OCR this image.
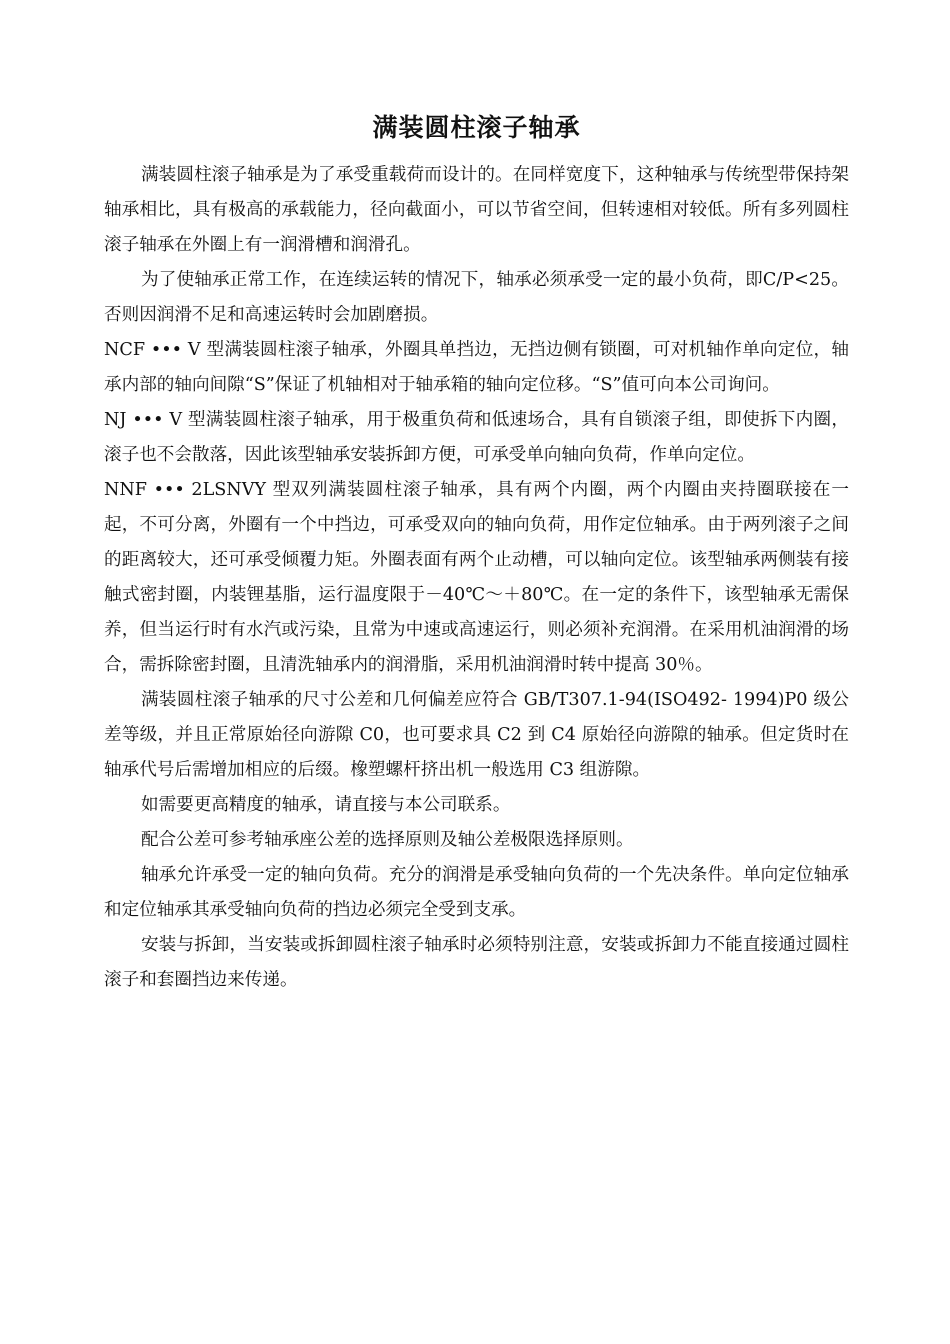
满装圆柱滚子轴承

满装圆柱滚子轴承是为了承受重载荷而设计的。在同样宽度下，这种轴承与传统型带保持架轴承相比，具有极高的承载能力，径向截面小，可以节省空间，但转速相对较低。所有多列圆柱滚子轴承在外圈上有一润滑槽和润滑孔。

为了使轴承正常工作，在连续运转的情况下，轴承必须承受一定的最小负荷，即C/P<25。否则因润滑不足和高速运转时会加剧磨损。

NCF ••• V 型满装圆柱滚子轴承，外圈具单挡边，无挡边侧有锁圈，可对机轴作单向定位，轴承内部的轴向间隙“S”保证了机轴相对于轴承箱的轴向定位移。“S”值可向本公司询问。

NJ ••• V 型满装圆柱滚子轴承，用于极重负荷和低速场合，具有自锁滚子组，即使拆下内圈，滚子也不会散落，因此该型轴承安装拆卸方便，可承受单向轴向负荷，作单向定位。

NNF ••• 2LSNVY 型双列满装圆柱滚子轴承，具有两个内圈，两个内圈由夹持圈联接在一起，不可分离，外圈有一个中挡边，可承受双向的轴向负荷，用作定位轴承。由于两列滚子之间的距离较大，还可承受倾覆力矩。外圈表面有两个止动槽，可以轴向定位。该型轴承两侧装有接触式密封圈，内装锂基脂，运行温度限于－40℃～＋80℃。在一定的条件下，该型轴承无需保养，但当运行时有水汽或污染，且常为中速或高速运行，则必须补充润滑。在采用机油润滑的场合，需拆除密封圈，且清洗轴承内的润滑脂，采用机油润滑时转中提高 30％。

满装圆柱滚子轴承的尺寸公差和几何偏差应符合 GB/T307.1-94(ISO492- 1994)P0 级公差等级，并且正常原始径向游隙 C0，也可要求具 C2 到 C4 原始径向游隙的轴承。但定货时在轴承代号后需增加相应的后缀。橡塑螺杆挤出机一般选用 C3 组游隙。

如需要更高精度的轴承，请直接与本公司联系。

配合公差可参考轴承座公差的选择原则及轴公差极限选择原则。

轴承允许承受一定的轴向负荷。充分的润滑是承受轴向负荷的一个先决条件。单向定位轴承和定位轴承其承受轴向负荷的挡边必须完全受到支承。

安装与拆卸，当安装或拆卸圆柱滚子轴承时必须特别注意，安装或拆卸力不能直接通过圆柱滚子和套圈挡边来传递。
